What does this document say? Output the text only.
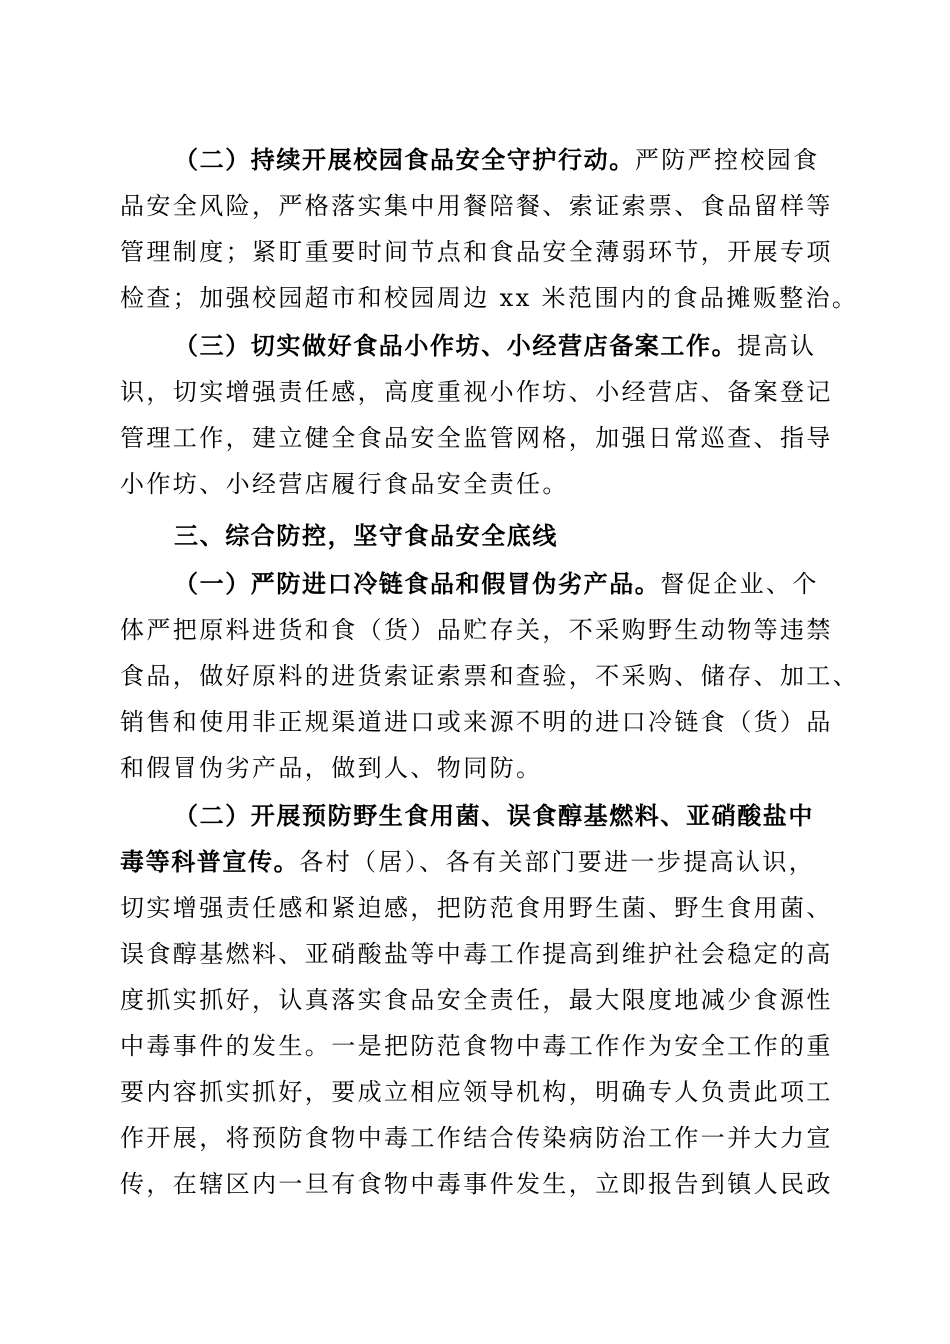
（二）持续开展校园食品安全守护行动。严防严控校园食
品安全风险，严格落实集中用餐陪餐、索证索票、食品留样等
管理制度；紧盯重要时间节点和食品安全薄弱环节，开展专项
检查；加强校园超市和校园周边 xx 米范围内的食品摊贩整治。
（三）切实做好食品小作坊、小经营店备案工作。提高认
识，切实增强责任感，高度重视小作坊、小经营店、备案登记
管理工作，建立健全食品安全监管网格，加强日常巡查、指导
小作坊、小经营店履行食品安全责任。
三、综合防控，坚守食品安全底线
（一）严防进口冷链食品和假冒伪劣产品。督促企业、个
体严把原料进货和食（货）品贮存关，不采购野生动物等违禁
食品，做好原料的进货索证索票和查验，不采购、储存、加工、
销售和使用非正规渠道进口或来源不明的进口冷链食（货）品
和假冒伪劣产品，做到人、物同防。
（二）开展预防野生食用菌、误食醇基燃料、亚硝酸盐中
毒等科普宣传。各村（居）、各有关部门要进一步提高认识，
切实增强责任感和紧迫感，把防范食用野生菌、野生食用菌、
误食醇基燃料、亚硝酸盐等中毒工作提高到维护社会稳定的高
度抓实抓好，认真落实食品安全责任，最大限度地减少食源性
中毒事件的发生。一是把防范食物中毒工作作为安全工作的重
要内容抓实抓好，要成立相应领导机构，明确专人负责此项工
作开展，将预防食物中毒工作结合传染病防治工作一并大力宣
传，在辖区内一旦有食物中毒事件发生，立即报告到镇人民政
